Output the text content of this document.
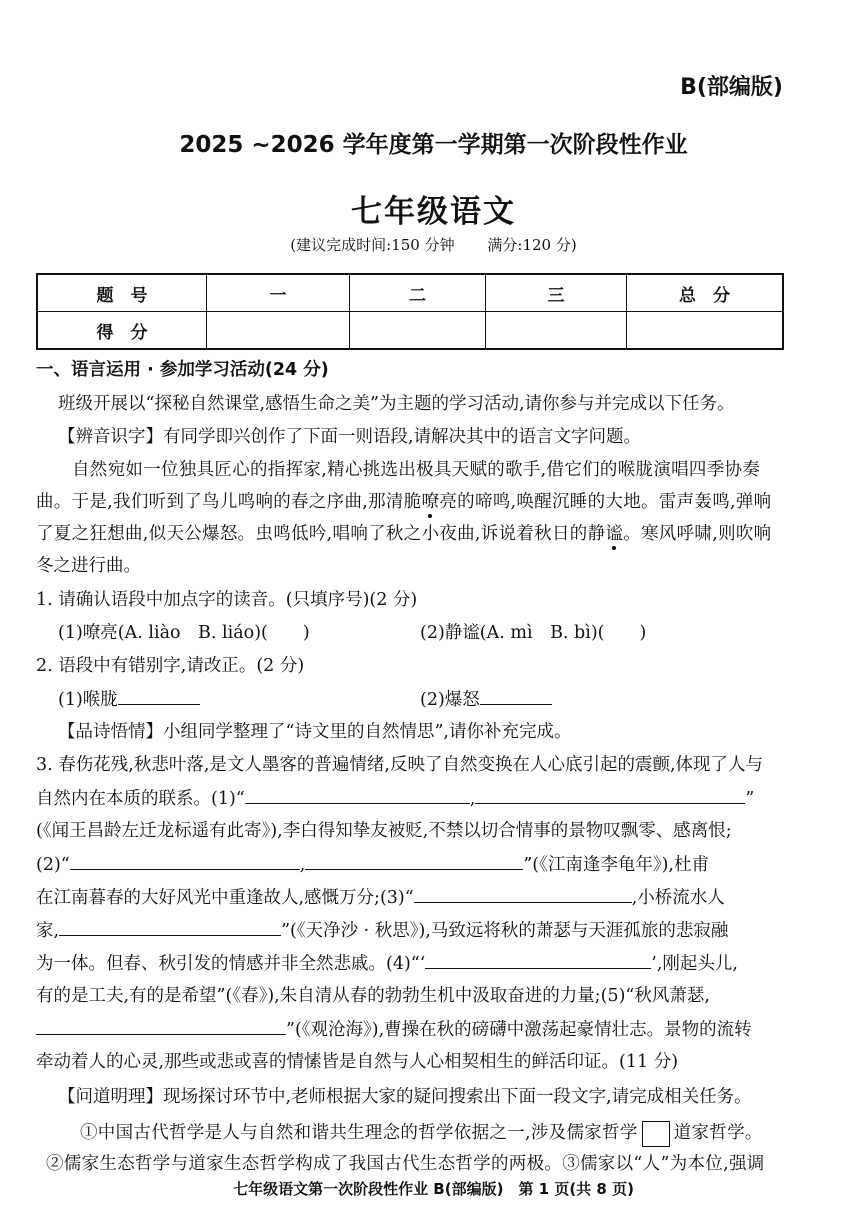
B(部编版)
2025 ~2026 学年度第一学期第一次阶段性作业
七年级语文
(建议完成时间:150 分钟 满分:120 分)
题　号	一	二	三	总　分
得　分				
一、语言运用 · 参加学习活动(24 分)
班级开展以“探秘自然课堂,感悟生命之美”为主题的学习活动,请你参与并完成以下任务。
【辨音识字】有同学即兴创作了下面一则语段,请解决其中的语言文字问题。
自然宛如一位独具匠心的指挥家,精心挑选出极具天赋的歌手,借它们的喉胧演唱四季协奏
曲。于是,我们听到了鸟儿鸣响的春之序曲,那清脆嘹亮的啼鸣,唤醒沉睡的大地。雷声轰鸣,弹响
了夏之狂想曲,似天公爆怒。虫鸣低吟,唱响了秋之小夜曲,诉说着秋日的静谧。寒风呼啸,则吹响
冬之进行曲。
1. 请确认语段中加点字的读音。(只填序号)(2 分)
(1)嘹亮(A. liào　B. liáo)(　　)	(2)静谧(A. mì　B. bì)(　　)
2. 语段中有错别字,请改正。(2 分)
(1)喉胧	(2)爆怒
【品诗悟情】小组同学整理了“诗文里的自然情思”,请你补充完成。
3. 春伤花残,秋悲叶落,是文人墨客的普遍情绪,反映了自然变换在人心底引起的震颤,体现了人与
自然内在本质的联系。(1)“	,	”
(《闻王昌龄左迁龙标遥有此寄》),李白得知挚友被贬,不禁以切合情事的景物叹飘零、感离恨;
(2)“	,	”(《江南逢李龟年》),杜甫
在江南暮春的大好风光中重逢故人,感慨万分;(3)“	,小桥流水人
家,	”(《天净沙 · 秋思》),马致远将秋的萧瑟与天涯孤旅的悲寂融
为一体。但春、秋引发的情感并非全然悲戚。(4)“‘	’,刚起头儿,
有的是工夫,有的是希望”(《春》),朱自清从春的勃勃生机中汲取奋进的力量;(5)“秋风萧瑟,
”(《观沧海》),曹操在秋的磅礴中激荡起豪情壮志。景物的流转
牵动着人的心灵,那些或悲或喜的情愫皆是自然与人心相契相生的鲜活印证。(11 分)
【问道明理】现场探讨环节中,老师根据大家的疑问搜索出下面一段文字,请完成相关任务。
①中国古代哲学是人与自然和谐共生理念的哲学依据之一,涉及儒家哲学 道家哲学。
②儒家生态哲学与道家生态哲学构成了我国古代生态哲学的两极。③儒家以“人”为本位,强调
七年级语文第一次阶段性作业 B(部编版)　第 1 页(共 8 页)
